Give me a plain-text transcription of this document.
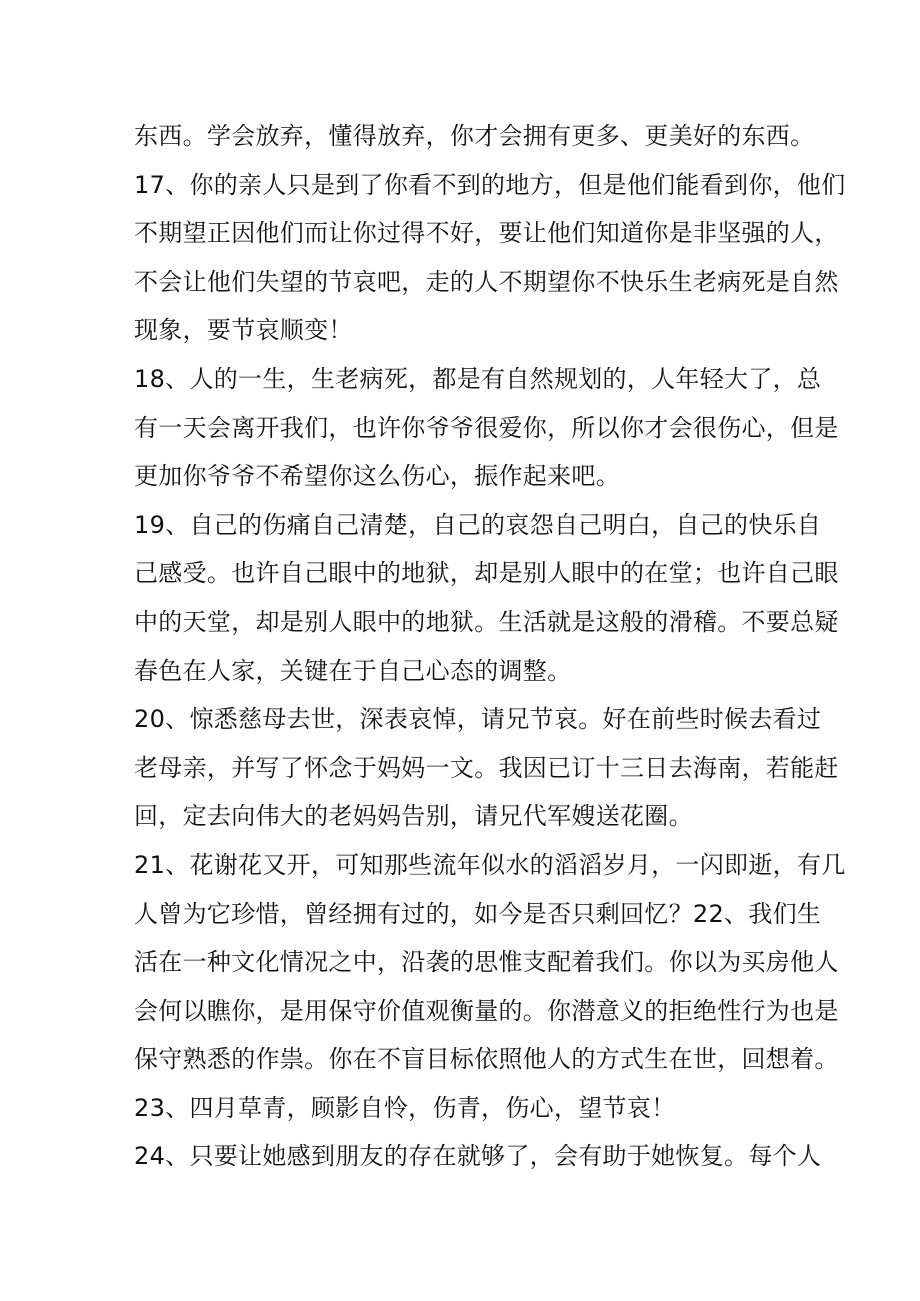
东西。学会放弃，懂得放弃，你才会拥有更多、更美好的东西。
17、你的亲人只是到了你看不到的地方，但是他们能看到你，他们
不期望正因他们而让你过得不好，要让他们知道你是非坚强的人，
不会让他们失望的节哀吧，走的人不期望你不快乐生老病死是自然
现象，要节哀顺变！
18、人的一生，生老病死，都是有自然规划的，人年轻大了，总
有一天会离开我们，也许你爷爷很爱你，所以你才会很伤心，但是
更加你爷爷不希望你这么伤心，振作起来吧。
19、自己的伤痛自己清楚，自己的哀怨自己明白，自己的快乐自
己感受。也许自己眼中的地狱，却是别人眼中的在堂；也许自己眼
中的天堂，却是别人眼中的地狱。生活就是这般的滑稽。不要总疑
春色在人家，关键在于自己心态的调整。
20、惊悉慈母去世，深表哀悼，请兄节哀。好在前些时候去看过
老母亲，并写了怀念于妈妈一文。我因已订十三日去海南，若能赶
回，定去向伟大的老妈妈告别，请兄代军嫂送花圈。
21、花谢花又开，可知那些流年似水的滔滔岁月，一闪即逝，有几
人曾为它珍惜，曾经拥有过的，如今是否只剩回忆？22、我们生
活在一种文化情况之中，沿袭的思惟支配着我们。你以为买房他人
会何以瞧你，是用保守价值观衡量的。你潜意义的拒绝性行为也是
保守熟悉的作祟。你在不盲目标依照他人的方式生在世，回想着。
23、四月草青，顾影自怜，伤青，伤心，望节哀！
24、只要让她感到朋友的存在就够了，会有助于她恢复。每个人
